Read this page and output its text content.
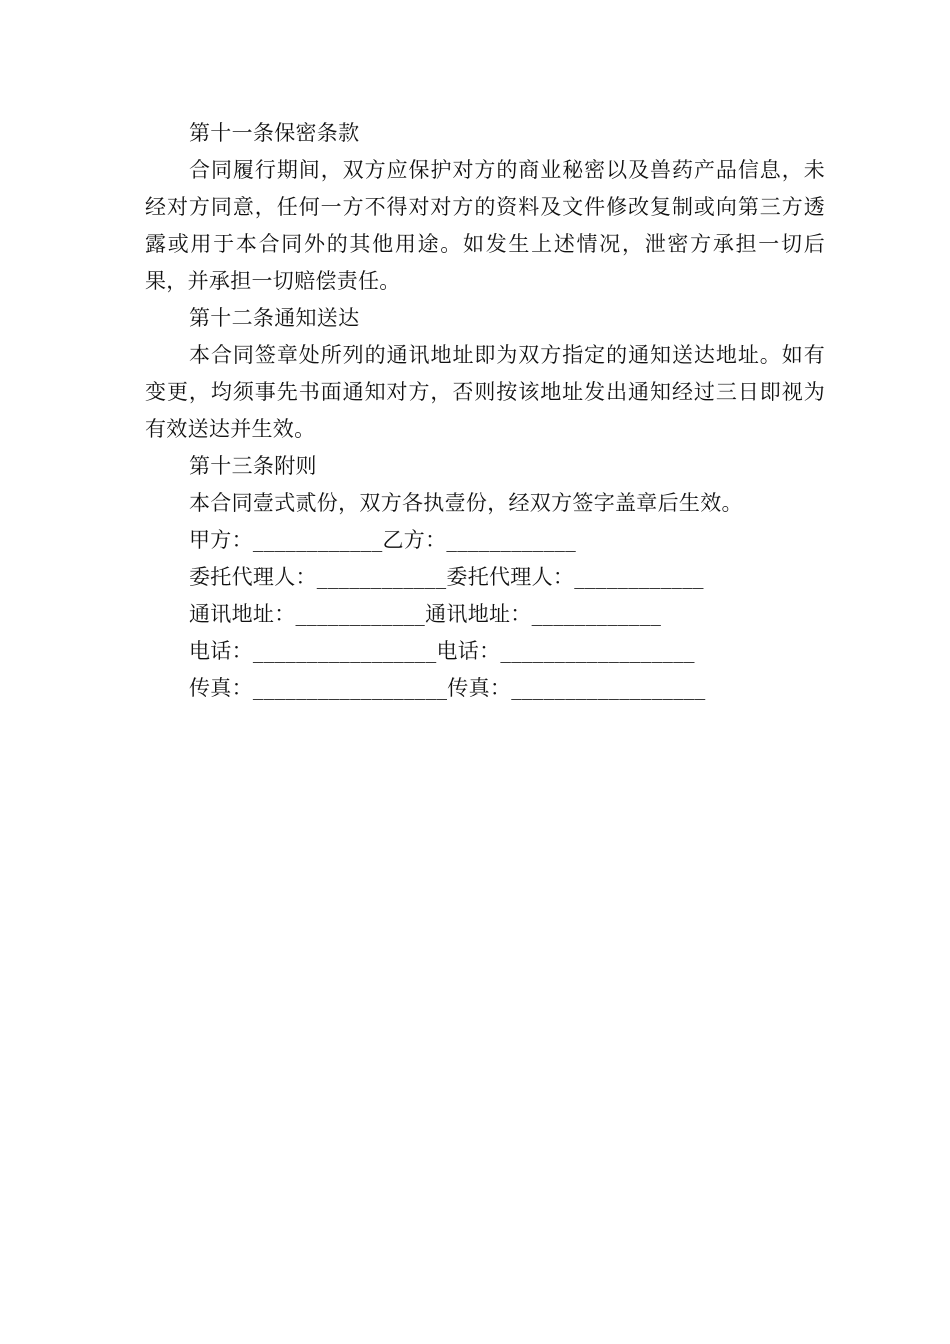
第十一条保密条款

合同履行期间，双方应保护对方的商业秘密以及兽药产品信息，未经对方同意，任何一方不得对对方的资料及文件修改复制或向第三方透露或用于本合同外的其他用途。如发生上述情况，泄密方承担一切后果，并承担一切赔偿责任。

第十二条通知送达

本合同签章处所列的通讯地址即为双方指定的通知送达地址。如有变更，均须事先书面通知对方，否则按该地址发出通知经过三日即视为有效送达并生效。

第十三条附则

本合同壹式贰份，双方各执壹份，经双方签字盖章后生效。

甲方：____________乙方：____________

委托代理人：____________委托代理人：____________

通讯地址：____________通讯地址：____________

电话：_________________电话：__________________

传真：__________________传真：__________________
